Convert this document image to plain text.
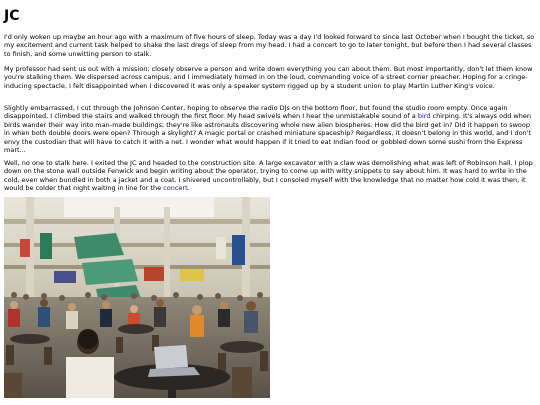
JC

I'd only woken up maybe an hour ago with a maximum of five hours of sleep. Today was a day I'd looked forward to since last October when I bought the ticket, so my excitement and current task helped to shake the last dregs of sleep from my head. I had a concert to go to later tonight, but before then I had several classes to finish, and some unwitting person to stalk.

My professor had sent us out with a mission; closely observe a person and write down everything you can about them. But most importantly, don't let them know you're stalking them. We dispersed across campus, and I immediately homed in on the loud, commanding voice of a street corner preacher. Hoping for a cringe-inducing spectacle, I felt disappointed when I discovered it was only a speaker system rigged up by a student union to play Martin Luther King's voice.

Slightly embarrassed, I cut through the Johnson Center, hoping to observe the radio DJs on the bottom floor, but found the studio room empty. Once again disappointed, I climbed the stairs and walked through the first floor. My head swivels when I hear the unmistakable sound of a bird chirping. It's always odd when birds wander their way into man-made buildings; they're like astronauts discovering whole new alien biospheres. How did the bird get in? Did it happen to swoop in when both double doors were open? Through a skylight? A magic portal or crashed miniature spaceship? Regardless, it doesn't belong in this world, and I don't envy the custodian that will have to catch it with a net. I wonder what would happen if it tried to eat Indian food or gobbled down some sushi from the Express mart...

Well, no one to stalk here. I exited the JC and headed to the construction site. A large excavator with a claw was demolishing what was left of Robinson hall. I plop down on the stone wall outside Fenwick and begin writing about the operator, trying to come up with witty snippets to say about him. It was hard to write in the cold, even when bundled in both a jacket and a coat. I shivered uncontrollably, but I consoled myself with the knowledge that no matter how cold it was then, it would be colder that night waiting in line for the concert.
